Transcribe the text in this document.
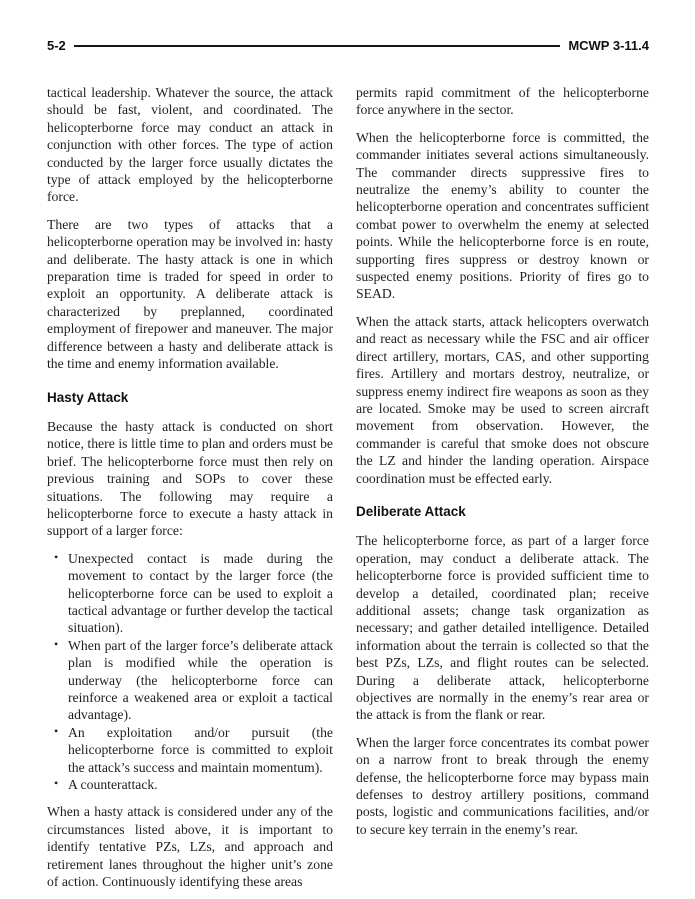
5-2	MCWP 3-11.4

tactical leadership. Whatever the source, the attack should be fast, violent, and coordinated. The helicopterborne force may conduct an attack in conjunction with other forces. The type of action conducted by the larger force usually dictates the type of attack employed by the helicopterborne force.

There are two types of attacks that a helicopterborne operation may be involved in: hasty and deliberate. The hasty attack is one in which preparation time is traded for speed in order to exploit an opportunity. A deliberate attack is characterized by preplanned, coordinated employment of firepower and maneuver. The major difference between a hasty and deliberate attack is the time and enemy information available.

Hasty Attack

Because the hasty attack is conducted on short notice, there is little time to plan and orders must be brief. The helicopterborne force must then rely on previous training and SOPs to cover these situations. The following may require a helicopterborne force to execute a hasty attack in support of a larger force:

• Unexpected contact is made during the movement to contact by the larger force (the helicopterborne force can be used to exploit a tactical advantage or further develop the tactical situation).
• When part of the larger force’s deliberate attack plan is modified while the operation is underway (the helicopterborne force can reinforce a weakened area or exploit a tactical advantage).
• An exploitation and/or pursuit (the helicopterborne force is committed to exploit the attack’s success and maintain momentum).
• A counterattack.

When a hasty attack is considered under any of the circumstances listed above, it is important to identify tentative PZs, LZs, and approach and retirement lanes throughout the higher unit’s zone of action. Continuously identifying these areas

permits rapid commitment of the helicopterborne force anywhere in the sector.

When the helicopterborne force is committed, the commander initiates several actions simultaneously. The commander directs suppressive fires to neutralize the enemy’s ability to counter the helicopterborne operation and concentrates sufficient combat power to overwhelm the enemy at selected points. While the helicopterborne force is en route, supporting fires suppress or destroy known or suspected enemy positions. Priority of fires go to SEAD.

When the attack starts, attack helicopters overwatch and react as necessary while the FSC and air officer direct artillery, mortars, CAS, and other supporting fires. Artillery and mortars destroy, neutralize, or suppress enemy indirect fire weapons as soon as they are located. Smoke may be used to screen aircraft movement from observation. However, the commander is careful that smoke does not obscure the LZ and hinder the landing operation. Airspace coordination must be effected early.

Deliberate Attack

The helicopterborne force, as part of a larger force operation, may conduct a deliberate attack. The helicopterborne force is provided sufficient time to develop a detailed, coordinated plan; receive additional assets; change task organization as necessary; and gather detailed intelligence. Detailed information about the terrain is collected so that the best PZs, LZs, and flight routes can be selected. During a deliberate attack, helicopterborne objectives are normally in the enemy’s rear area or the attack is from the flank or rear.

When the larger force concentrates its combat power on a narrow front to break through the enemy defense, the helicopterborne force may bypass main defenses to destroy artillery positions, command posts, logistic and communications facilities, and/or to secure key terrain in the enemy’s rear.
